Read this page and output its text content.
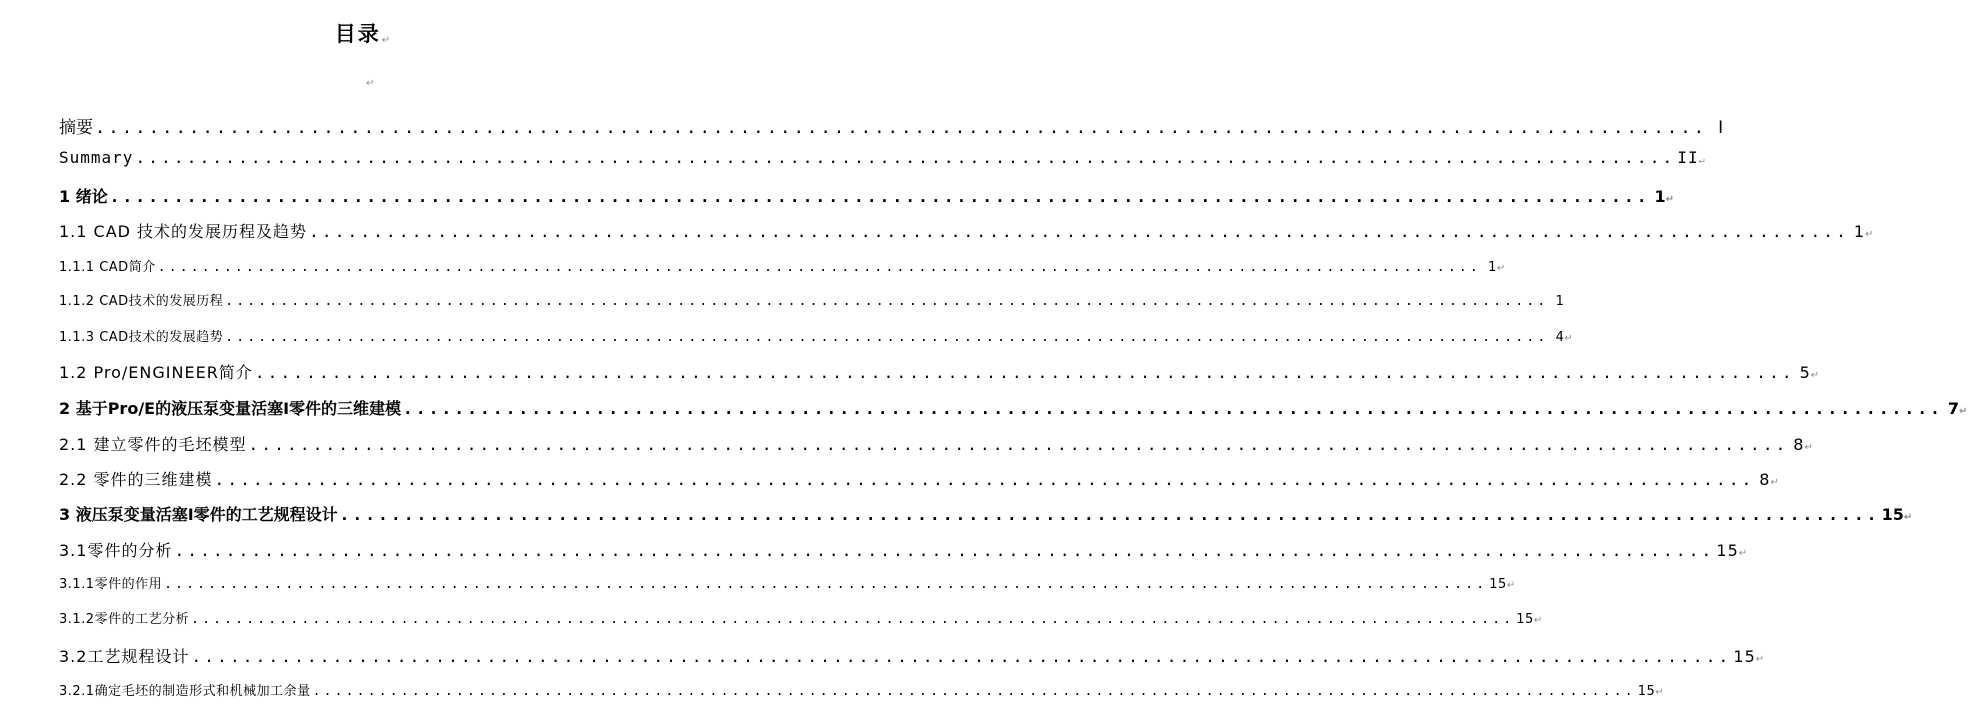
目录↵
↵
摘要 ........................................................................................................................ I
Summary ........................................................................................................................ II ↵
1 绪论 ........................................................................................................................ 1 ↵
1.1 CAD 技术的发展历程及趋势 ........................................................................................................................ 1 ↵
1.1.1 CAD简介 ........................................................................................................................ 1 ↵
1.1.2 CAD技术的发展历程 ........................................................................................................................ 1
1.1.3 CAD技术的发展趋势 ........................................................................................................................ 4 ↵
1.2 Pro/ENGINEER简介 ........................................................................................................................ 5 ↵
2 基于Pro/E的液压泵变量活塞Ⅰ零件的三维建模 ........................................................................................................................ 7 ↵
2.1 建立零件的毛坯模型 ........................................................................................................................ 8 ↵
2.2 零件的三维建模 ........................................................................................................................ 8 ↵
3 液压泵变量活塞Ⅰ零件的工艺规程设计 ........................................................................................................................ 15 ↵
3.1零件的分析 ........................................................................................................................ 15 ↵
3.1.1零件的作用 ........................................................................................................................ 15 ↵
3.1.2零件的工艺分析 ........................................................................................................................ 15 ↵
3.2工艺规程设计 ........................................................................................................................ 15 ↵
3.2.1确定毛坯的制造形式和机械加工余量 ........................................................................................................................ 15 ↵
